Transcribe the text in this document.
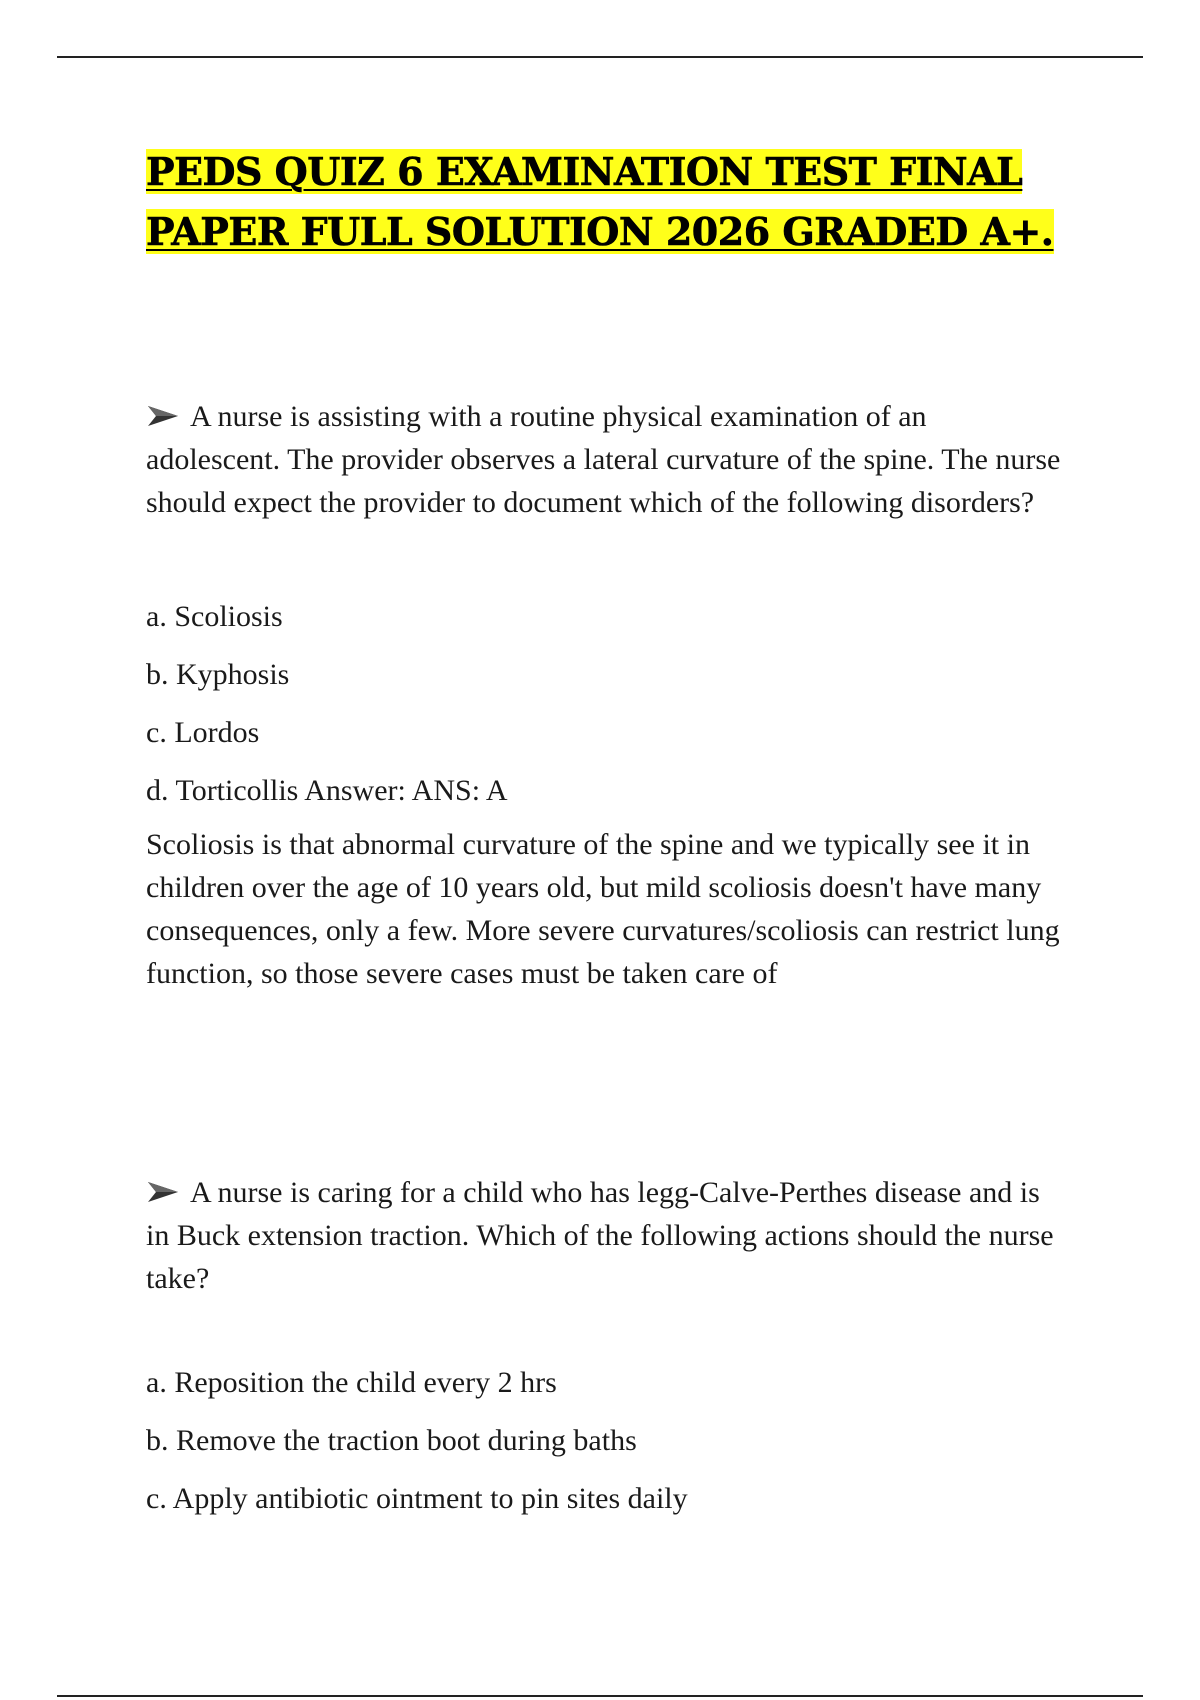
PEDS QUIZ 6 EXAMINATION TEST FINAL
PAPER FULL SOLUTION 2026 GRADED A+.

A nurse is assisting with a routine physical examination of an adolescent. The provider observes a lateral curvature of the spine. The nurse should expect the provider to document which of the following disorders?

a. Scoliosis
b. Kyphosis
c. Lordos
d. Torticollis Answer: ANS: A

Scoliosis is that abnormal curvature of the spine and we typically see it in children over the age of 10 years old, but mild scoliosis doesn't have many consequences, only a few. More severe curvatures/scoliosis can restrict lung function, so those severe cases must be taken care of

A nurse is caring for a child who has legg-Calve-Perthes disease and is in Buck extension traction. Which of the following actions should the nurse take?

a. Reposition the child every 2 hrs
b. Remove the traction boot during baths
c. Apply antibiotic ointment to pin sites daily
